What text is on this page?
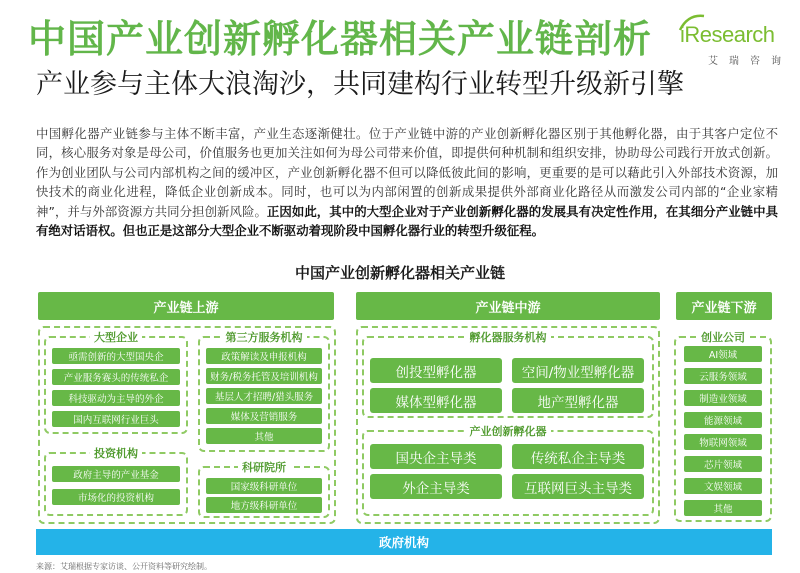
中国产业创新孵化器相关产业链剖析
产业参与主体大浪淘沙，共同建构行业转型升级新引擎
iResearch
艾瑞咨询
中国孵化器产业链参与主体不断丰富，产业生态逐渐健壮。位于产业链中游的产业创新孵化器区别于其他孵化器，由于其客户定位不同，核心服务对象是母公司，价值服务也更加关注如何为母公司带来价值，即提供何种机制和组织安排，协助母公司践行开放式创新。作为创业团队与公司内部机构之间的缓冲区，产业创新孵化器不但可以降低彼此间的影响，更重要的是可以藉此引入外部技术资源，加快技术的商业化进程，降低企业创新成本。同时，也可以为内部闲置的创新成果提供外部商业化路径从而激发公司内部的“企业家精神”，并与外部资源方共同分担创新风险。正因如此，其中的大型企业对于产业创新孵化器的发展具有决定性作用，在其细分产业链中具有绝对话语权。但也正是这部分大型企业不断驱动着现阶段中国孵化器行业的转型升级征程。
中国产业创新孵化器相关产业链
产业链上游	产业链中游	产业链下游
大型企业
亟需创新的大型国央企
产业服务赛头的传统私企
科技驱动为主导的外企
国内互联网行业巨头
投资机构
政府主导的产业基金
市场化的投资机构
第三方服务机构
政策解读及申报机构
财务/税务托管及培训机构
基层人才招聘/猎头服务
媒体及营销服务
其他
科研院所
国家级科研单位
地方级科研单位
孵化器服务机构
创投型孵化器	空间/物业型孵化器
媒体型孵化器	地产型孵化器
产业创新孵化器
国央企主导类	传统私企主导类
外企主导类	互联网巨头主导类
创业公司
AI领域
云服务领域
制造业领域
能源领域
物联网领域
芯片领域
文娱领域
其他
政府机构
来源：艾瑞根据专家访谈、公开资料等研究绘制。
